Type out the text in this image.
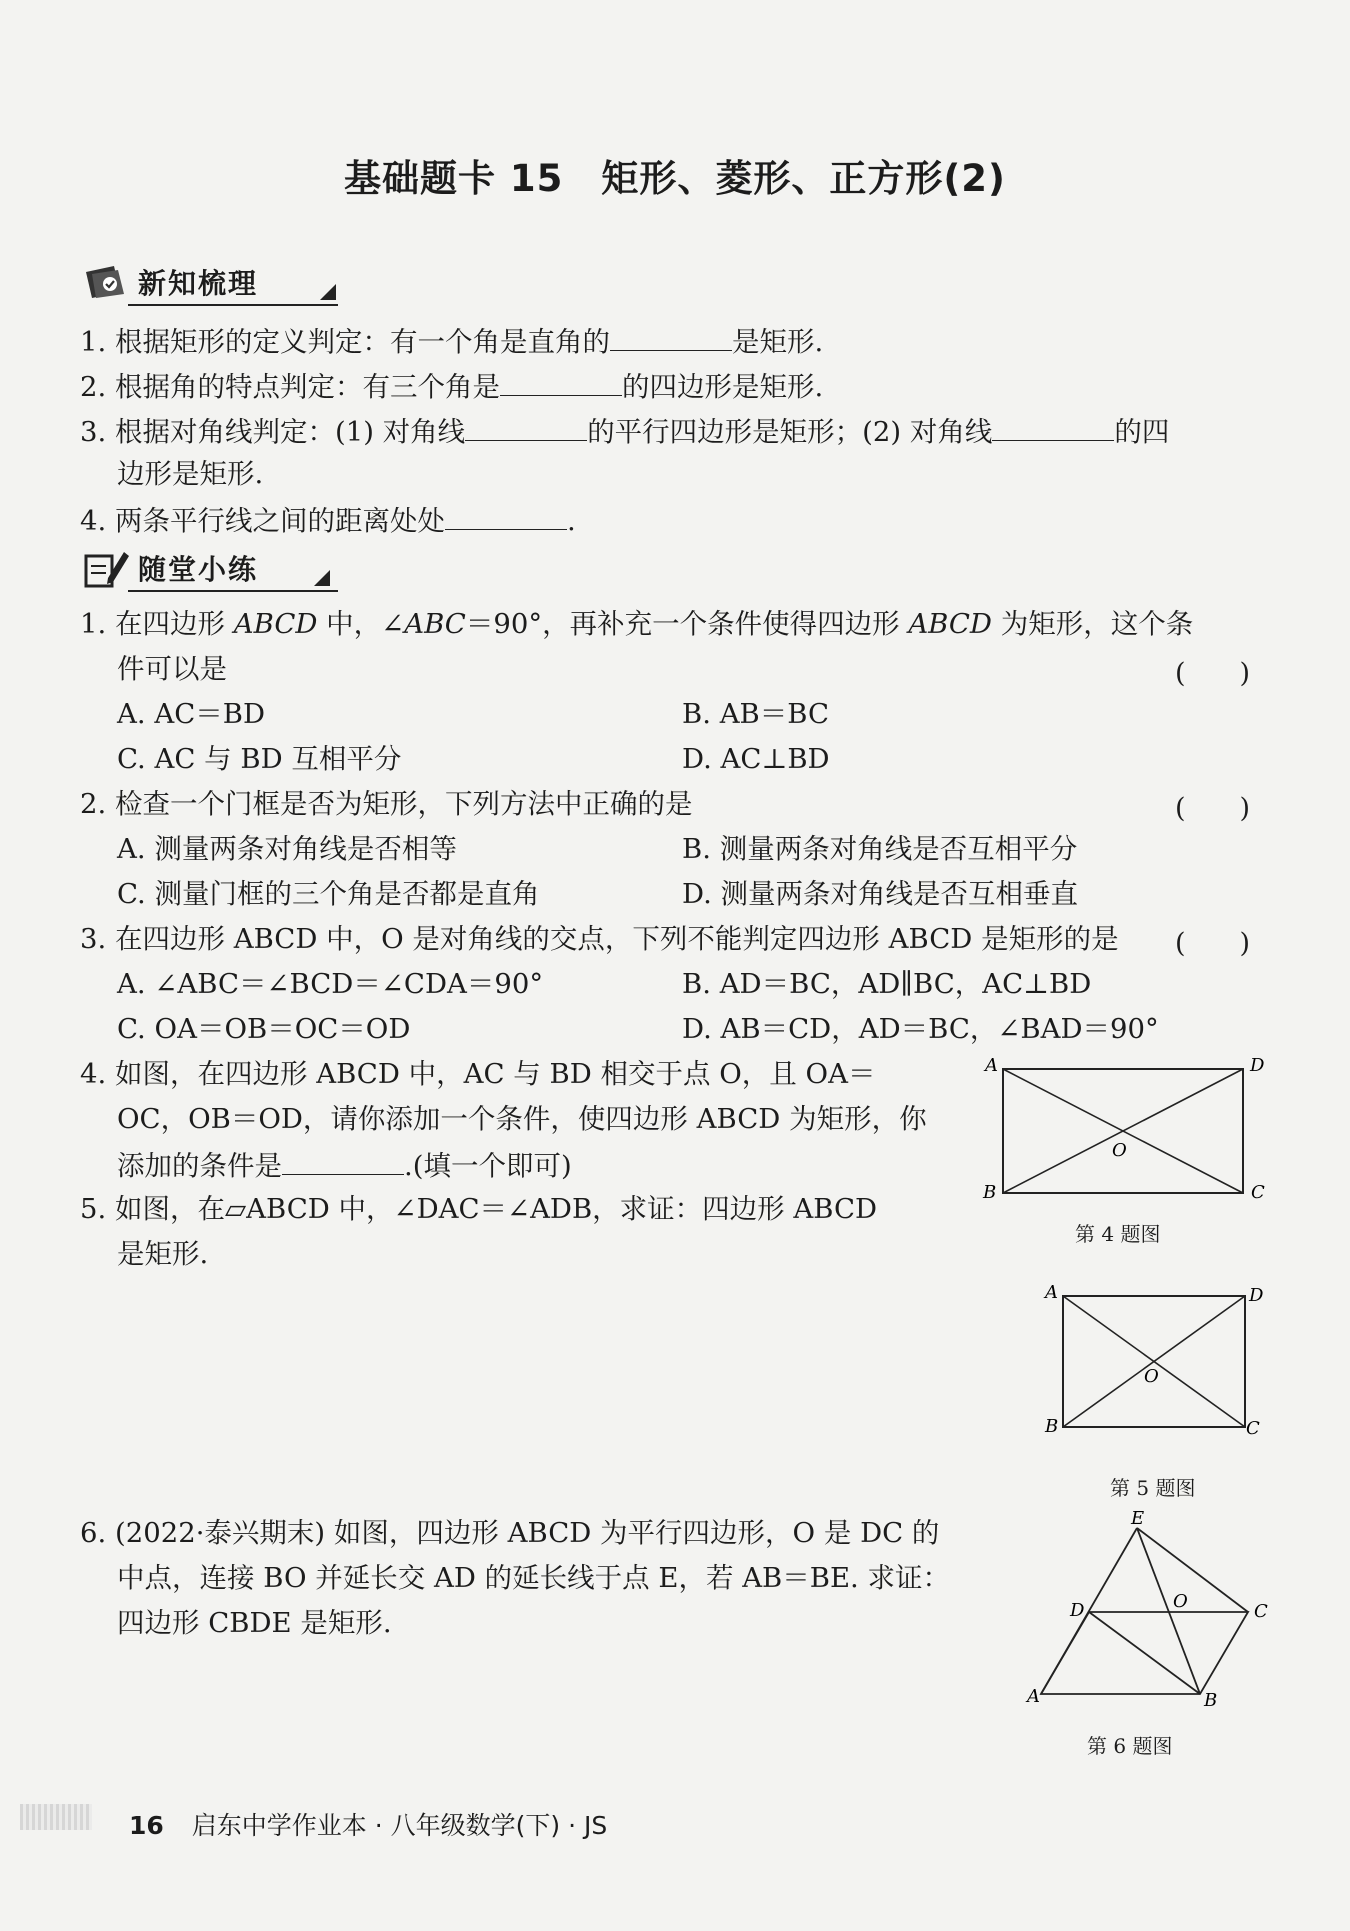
基础题卡 15　矩形、菱形、正方形(2)
新知梳理
1. 根据矩形的定义判定：有一个角是直角的	是矩形.
2. 根据角的特点判定：有三个角是	的四边形是矩形.
3. 根据对角线判定：(1) 对角线	的平行四边形是矩形；(2) 对角线	的四
边形是矩形.
4. 两条平行线之间的距离处处	.
随堂小练
1. 在四边形 ABCD 中，∠ABC＝90°，再补充一个条件使得四边形 ABCD 为矩形，这个条
件可以是	(　　)
A. AC＝BD	B. AB＝BC
C. AC 与 BD 互相平分	D. AC⊥BD
2. 检查一个门框是否为矩形，下列方法中正确的是	(　　)
A. 测量两条对角线是否相等	B. 测量两条对角线是否互相平分
C. 测量门框的三个角是否都是直角	D. 测量两条对角线是否互相垂直
3. 在四边形 ABCD 中，O 是对角线的交点，下列不能判定四边形 ABCD 是矩形的是 (　　)
A. ∠ABC＝∠BCD＝∠CDA＝90°	B. AD＝BC，AD∥BC，AC⊥BD
C. OA＝OB＝OC＝OD	D. AB＝CD，AD＝BC，∠BAD＝90°
4. 如图，在四边形 ABCD 中，AC 与 BD 相交于点 O，且 OA＝
OC，OB＝OD，请你添加一个条件，使四边形 ABCD 为矩形，你
添加的条件是	.(填一个即可)
A	D
B	C
O
第 4 题图
5. 如图，在▱ABCD 中，∠DAC＝∠ADB，求证：四边形 ABCD
是矩形.
A	D
B	C
O
第 5 题图
6. (2022·泰兴期末) 如图，四边形 ABCD 为平行四边形，O 是 DC 的
中点，连接 BO 并延长交 AD 的延长线于点 E，若 AB＝BE. 求证：
四边形 CBDE 是矩形.
E
D	O	C
A	B
第 6 题图
16 启东中学作业本 · 八年级数学(下) · JS
